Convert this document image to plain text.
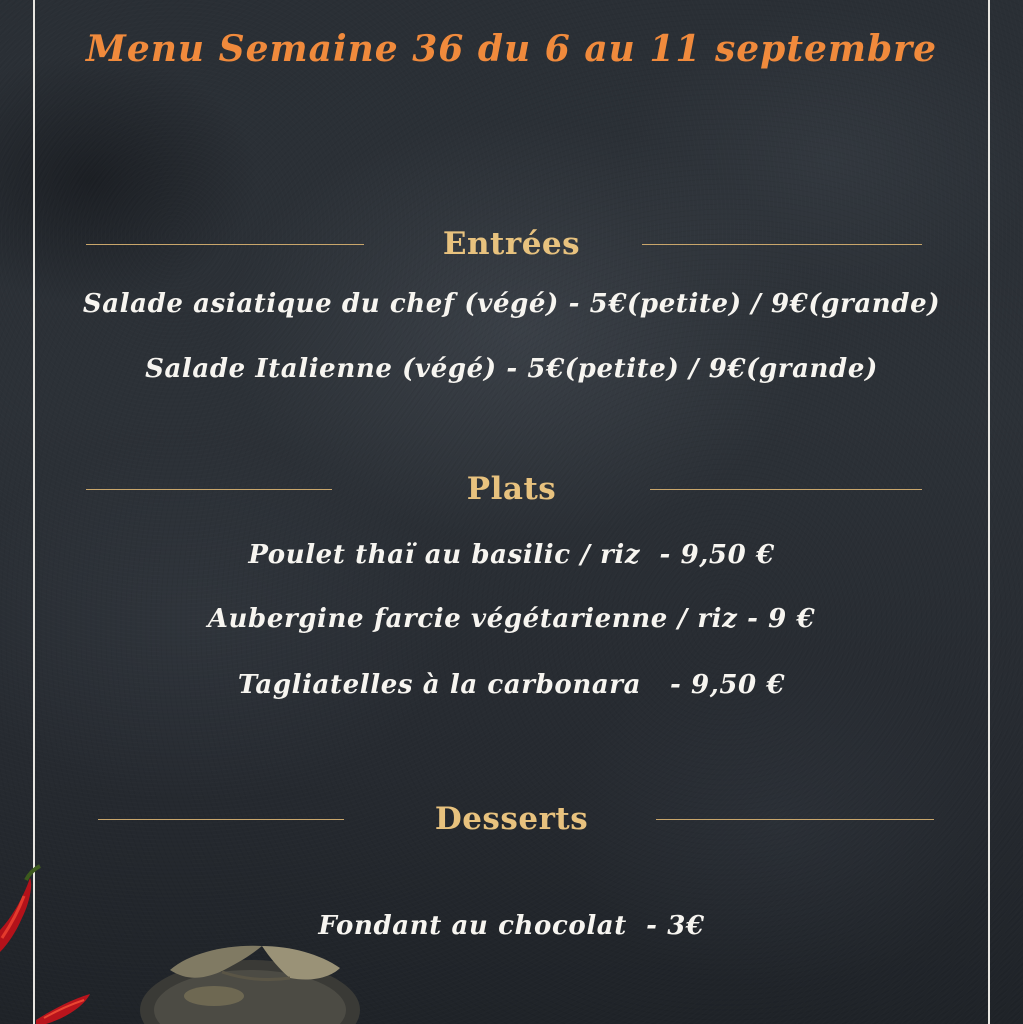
Menu Semaine 36 du 6 au 11 septembre
Entrées
Salade asiatique du chef (végé) - 5€(petite) / 9€(grande)
Salade Italienne (végé) - 5€(petite) / 9€(grande)
Plats
Poulet thaï au basilic / riz  - 9,50 €
Aubergine farcie végétarienne / riz - 9 €
Tagliatelles à la carbonara   - 9,50 €
Desserts
Fondant au chocolat  - 3€
